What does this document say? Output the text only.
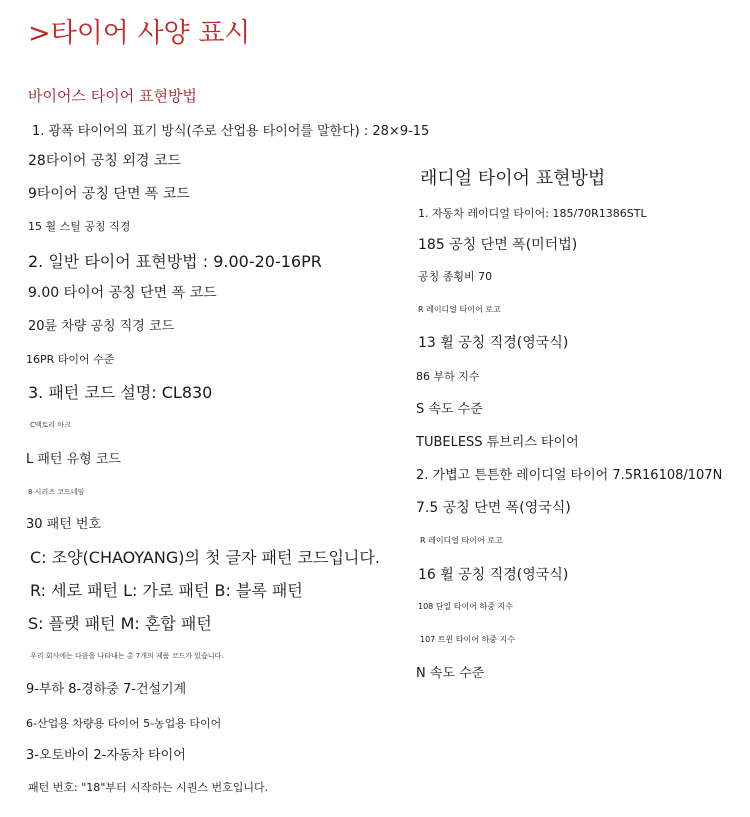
>타이어 사양 표시
바이어스 타이어 표현방법
1. 광폭 타이어의 표기 방식(주로 산업용 타이어를 말한다) : 28×9-15
28타이어 공칭 외경 코드
9타이어 공칭 단면 폭 코드
15 휠 스틸 공칭 직경
2. 일반 타이어 표현방법 : 9.00-20-16PR
9.00 타이어 공칭 단면 폭 코드
20륜 차량 공칭 직경 코드
16PR 타이어 수준
3. 패턴 코드 설명: CL830
C맥토리 마크
L 패턴 유형 코드
8 시리즈 코드네임
30 패턴 번호
C: 조양(CHAOYANG)의 첫 글자 패턴 코드입니다.
R: 세로 패턴 L: 가로 패턴 B: 블록 패턴
S: 플랫 패턴 M: 혼합 패턴
우리 회사에는 다음을 나타내는 총 7개의 제품 코드가 있습니다.
9-부하 8-경하중 7-건설기계
6-산업용 차량용 타이어 5-농업용 타이어
3-오토바이 2-자동차 타이어
패턴 번호: "18"부터 시작하는 시퀀스 번호입니다.
래디얼 타이어 표현방법
1. 자동차 레이디얼 타이어: 185/70R1386STL
185 공칭 단면 폭(미터법)
공칭 종횡비 70
R 레이디얼 타이어 로고
13 휠 공칭 직경(영국식)
86 부하 지수
S 속도 수준
TUBELESS 튜브리스 타이어
2. 가볍고 튼튼한 레이디얼 타이어 7.5R16108/107N
7.5 공칭 단면 폭(영국식)
R 레이디얼 타이어 로고
16 휠 공칭 직경(영국식)
108 단일 타이어 하중 지수
107 트윈 타이어 하중 지수
N 속도 수준
